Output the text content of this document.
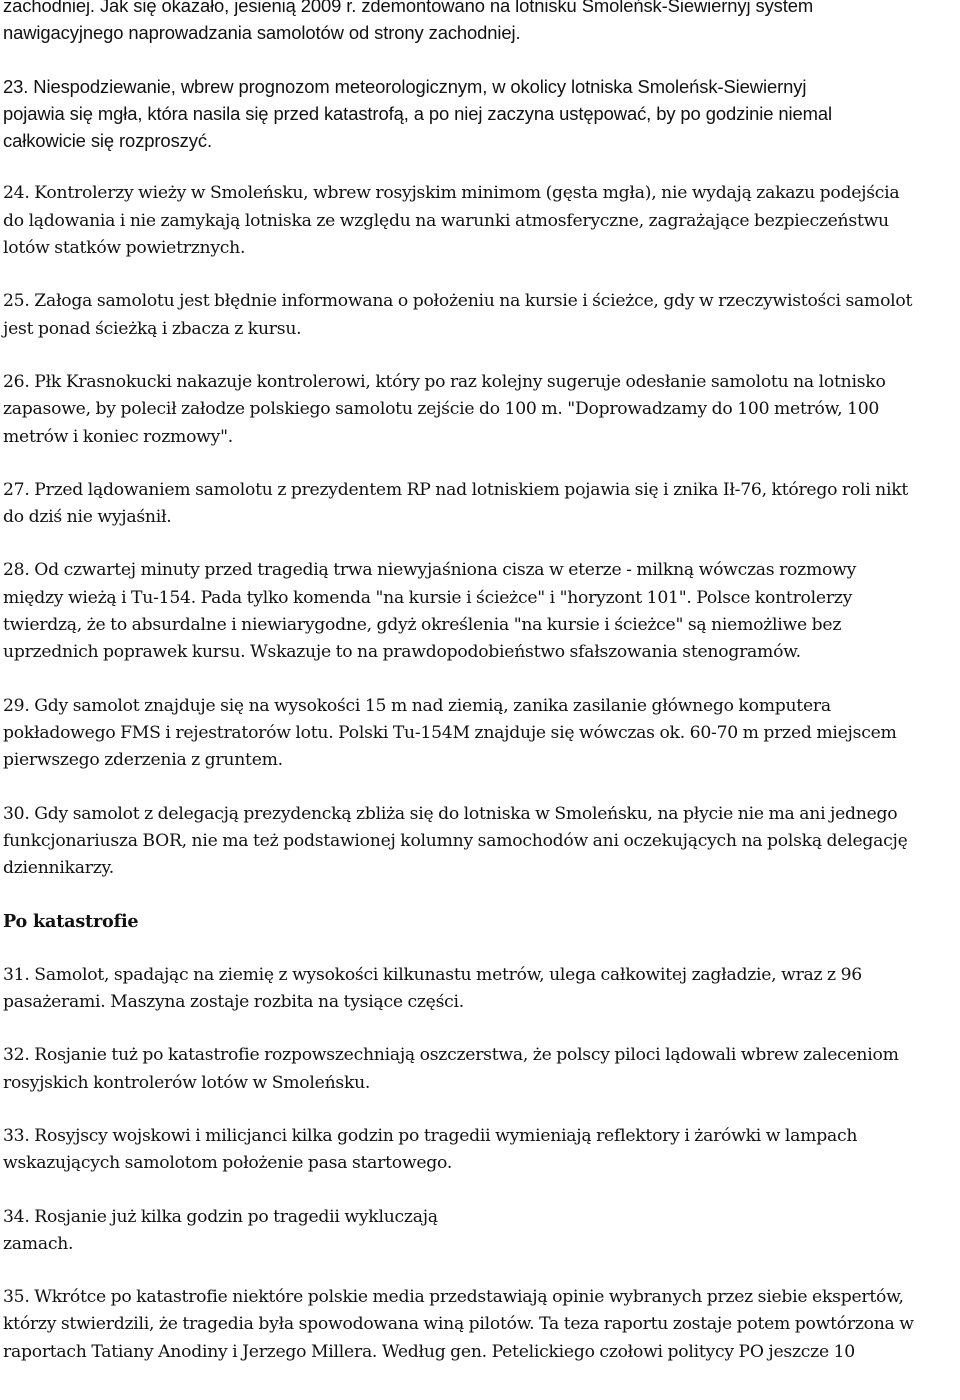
zachodniej. Jak się okazało, jesienią 2009 r. zdemontowano na lotnisku Smoleńsk-Siewiernyj system
nawigacyjnego naprowadzania samolotów od strony zachodniej.

23. Niespodziewanie, wbrew prognozom meteorologicznym, w okolicy lotniska Smoleńsk-Siewiernyj
pojawia się mgła, która nasila się przed katastrofą, a po niej zaczyna ustępować, by po godzinie niemal
całkowicie się rozproszyć.

24. Kontrolerzy wieży w Smoleńsku, wbrew rosyjskim minimom (gęsta mgła), nie wydają zakazu podejścia
do lądowania i nie zamykają lotniska ze względu na warunki atmosferyczne, zagrażające bezpieczeństwu
lotów statków powietrznych.

25. Załoga samolotu jest błędnie informowana o położeniu na kursie i ścieżce, gdy w rzeczywistości samolot
jest ponad ścieżką i zbacza z kursu.

26. Płk Krasnokucki nakazuje kontrolerowi, który po raz kolejny sugeruje odesłanie samolotu na lotnisko
zapasowe, by polecił załodze polskiego samolotu zejście do 100 m. "Doprowadzamy do 100 metrów, 100
metrów i koniec rozmowy".

27. Przed lądowaniem samolotu z prezydentem RP nad lotniskiem pojawia się i znika Ił-76, którego roli nikt
do dziś nie wyjaśnił.

28. Od czwartej minuty przed tragedią trwa niewyjaśniona cisza w eterze - milkną wówczas rozmowy
między wieżą i Tu-154. Pada tylko komenda "na kursie i ścieżce" i "horyzont 101". Polsce kontrolerzy
twierdzą, że to absurdalne i niewiarygodne, gdyż określenia "na kursie i ścieżce" są niemożliwe bez
uprzednich poprawek kursu. Wskazuje to na prawdopodobieństwo sfałszowania stenogramów.

29. Gdy samolot znajduje się na wysokości 15 m nad ziemią, zanika zasilanie głównego komputera
pokładowego FMS i rejestratorów lotu. Polski Tu-154M znajduje się wówczas ok. 60-70 m przed miejscem
pierwszego zderzenia z gruntem.

30. Gdy samolot z delegacją prezydencką zbliża się do lotniska w Smoleńsku, na płycie nie ma ani jednego
funkcjonariusza BOR, nie ma też podstawionej kolumny samochodów ani oczekujących na polską delegację
dziennikarzy.

Po katastrofie

31. Samolot, spadając na ziemię z wysokości kilkunastu metrów, ulega całkowitej zagładzie, wraz z 96
pasażerami. Maszyna zostaje rozbita na tysiące części.

32. Rosjanie tuż po katastrofie rozpowszechniają oszczerstwa, że polscy piloci lądowali wbrew zaleceniom
rosyjskich kontrolerów lotów w Smoleńsku.

33. Rosyjscy wojskowi i milicjanci kilka godzin po tragedii wymieniają reflektory i żarówki w lampach
wskazujących samolotom położenie pasa startowego.

34. Rosjanie już kilka godzin po tragedii wykluczają
zamach.

35. Wkrótce po katastrofie niektóre polskie media przedstawiają opinie wybranych przez siebie ekspertów,
którzy stwierdzili, że tragedia była spowodowana winą pilotów. Ta teza raportu zostaje potem powtórzona w
raportach Tatiany Anodiny i Jerzego Millera. Według gen. Petelickiego czołowi politycy PO jeszcze 10
